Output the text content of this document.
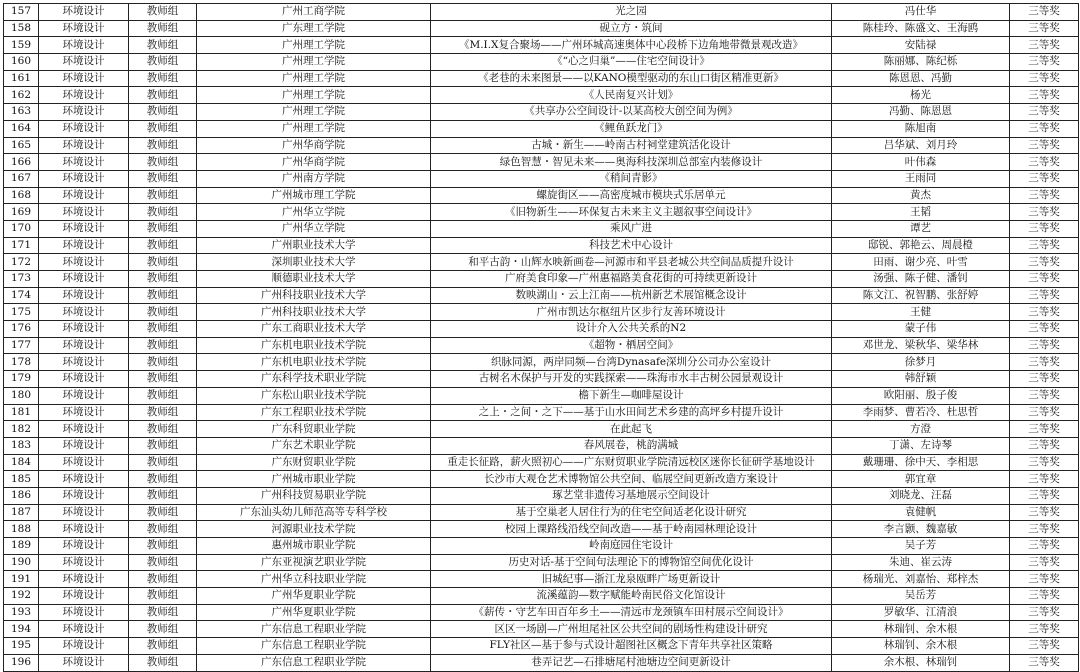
157	环境设计	教师组	广州工商学院	光之园	冯仕华	三等奖
158	环境设计	教师组	广东理工学院	砚立方・筑间	陈桂玲、陈盛文、王海鸥	三等奖
159	环境设计	教师组	广州理工学院	《M.I.X复合聚场——广州环城高速奥体中心段桥下边角地带微景观改造》	安陆禄	三等奖
160	环境设计	教师组	广州理工学院	《“心之归巢”——住宅空间设计》	陈丽娜、陈纪栎	三等奖
161	环境设计	教师组	广州理工学院	《老巷的未来图景——以KANO模型驱动的东山口街区精准更新》	陈恩恩、冯勤	三等奖
162	环境设计	教师组	广州理工学院	《人民南复兴计划》	杨光	三等奖
163	环境设计	教师组	广州理工学院	《共享办公空间设计-以某高校大创空间为例》	冯勤、陈恩恩	三等奖
164	环境设计	教师组	广州理工学院	《鲤鱼跃龙门》	陈旭南	三等奖
165	环境设计	教师组	广州华商学院	古城・新生——岭南古村祠堂建筑活化设计	吕华斌、刘月玲	三等奖
166	环境设计	教师组	广州华商学院	绿色智慧・智见未来——奥海科技深圳总部室内装修设计	叶伟森	三等奖
167	环境设计	教师组	广州南方学院	《稍间青影》	王雨同	三等奖
168	环境设计	教师组	广州城市理工学院	螺旋街区——高密度城市模块式乐居单元	黄杰	三等奖
169	环境设计	教师组	广州华立学院	《旧物新生——环保复古未来主义主题叙事空间设计》	王韬	三等奖
170	环境设计	教师组	广州华立学院	乘风广进	谭艺	三等奖
171	环境设计	教师组	广州职业技术大学	科技艺术中心设计	邸锐、郭艳云、周晨橙	三等奖
172	环境设计	教师组	深圳职业技术大学	和平古韵・山辉水映新画卷—河源市和平县老城公共空间品质提升设计	田雨、谢少亮、叶雪	三等奖
173	环境设计	教师组	顺德职业技术大学	广府美食印象—广州惠福路美食花街的可持续更新设计	汤强、陈子健、潘钊	三等奖
174	环境设计	教师组	广州科技职业技术大学	数映湖山・云上江南——杭州新艺术展馆概念设计	陈文江、祝智鹏、张舒婷	三等奖
175	环境设计	教师组	广州科技职业技术大学	广州市凯达尔枢纽片区步行友善环境设计	王健	三等奖
176	环境设计	教师组	广东工商职业技术大学	设计介入公共关系的N2	蒙子伟	三等奖
177	环境设计	教师组	广东机电职业技术学院	《超物・栖居空间》	邓世龙、梁秋华、梁华林	三等奖
178	环境设计	教师组	广东机电职业技术学院	织脉同源，两岸同频—台湾Dynasafe深圳分公司办公室设计	徐梦月	三等奖
179	环境设计	教师组	广东科学技术职业学院	古树名木保护与开发的实践探索——珠海市水丰古树公园景观设计	韩舒颖	三等奖
180	环境设计	教师组	广东松山职业技术学院	檐下新生—咖啡屋设计	欧阳丽、殷子俊	三等奖
181	环境设计	教师组	广东工程职业技术学院	之上・之间・之下——基于山水田间艺术乡建的高坪乡村提升设计	李雨梦、曹若冷、杜思哲	三等奖
182	环境设计	教师组	广东科贸职业学院	在此起飞	方澄	三等奖
183	环境设计	教师组	广东艺术职业学院	春风展卷，桃韵满城	丁潇、左诗琴	三等奖
184	环境设计	教师组	广东财贸职业学院	重走长征路，薪火照初心——广东财贸职业学院清远校区迷你长征研学基地设计	戴珊珊、徐中天、李相思	三等奖
185	环境设计	教师组	广州城市职业学院	长沙市大观仓艺术博物馆公共空间、临展空间更新改造方案设计	郭宜章	三等奖
186	环境设计	教师组	广州科技贸易职业学院	琢艺堂非遗传习基地展示空间设计	刘晓龙、汪磊	三等奖
187	环境设计	教师组	广东汕头幼儿师范高等专科学校	基于空巢老人居住行为的住宅空间适老化设计研究	袁健帆	三等奖
188	环境设计	教师组	河源职业技术学院	校园上课路线沿线空间改造——基于岭南园林理论设计	李言颢、魏嘉敏	三等奖
189	环境设计	教师组	惠州城市职业学院	岭南庭园住宅设计	吴子芳	三等奖
190	环境设计	教师组	广东亚视演艺职业学院	历史对话-基于空间句法理论下的博物馆空间优化设计	朱迪、崔云涛	三等奖
191	环境设计	教师组	广州华立科技职业学院	旧城纪事—浙江龙泉瓯畔广场更新设计	杨瑞光、刘嘉怡、郑梓杰	三等奖
192	环境设计	教师组	广州华夏职业学院	流溪蕴韵—数字赋能岭南民俗文化馆设计	吴岳芳	三等奖
193	环境设计	教师组	广州华夏职业学院	《薪传・守艺车田百年乡土——清远市龙颈镇车田村展示空间设计》	罗敏华、江清浪	三等奖
194	环境设计	教师组	广东信息工程职业学院	区区一场剧—广州坦尾社区公共空间的剧场性构建设计研究	林瑞钊、余木根	三等奖
195	环境设计	教师组	广东信息工程职业学院	FLY社区—基于参与式设计超图社区概念下青年共享社区策略	林瑞钊、余木根	三等奖
196	环境设计	教师组	广东信息工程职业学院	巷弄记艺—石排塘尾村池塘边空间更新设计	余木根、林瑞钊	三等奖
